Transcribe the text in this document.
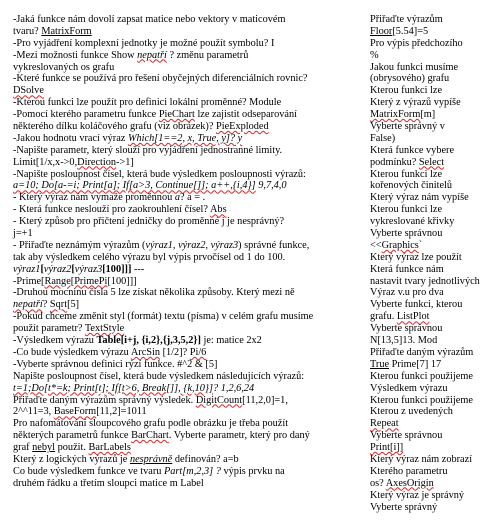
-Jaká funkce nám dovolí zapsat matice nebo vektory v maticovém
tvaru? MatrixForm
-Pro vyjádření komplexní jednotky je možné použít symbolu? I
-Mezi možnosti funkce Show nepatří ? změnu parametrů
vykreslovaných os grafu
-Které funkce se používá pro řešení obyčejných diferenciálních rovnic?
DSolve
-Kterou funkci lze použít pro definici lokální proměnné? Module
-Pomocí kterého parametru funkce PieChart lze zajistit odseparování
některého dílku koláčového grafu (viz obrázek)? PieExploded
-Jakou hodnotu vrací výraz Which[1==2, x, True, y]? y
-Napište parametr, který slouží pro vyjádření jednostranné limity.
Limit[1/x,x->0,Direction->1]
-Napište posloupnost čísel, která bude výsledkem posloupnosti výrazů:
a=10; Do[a-=i; Print[a]; If[a>3, Continue[]]; a++,{i,4}] 9,7,4,0
- Který výraz nám vymaže proměnnou a? a = .
- Která funkce neslouží pro zaokrouhlení čísel? Abs
- Který způsob pro přičtení jedničky do proměnné j je nesprávný?
j=+1
- Přiřaďte neznámým výrazům (výraz1, výraz2, výraz3) správné funkce,
tak aby výsledkem celého výrazu byl výpis prvočísel od 1 do 100.
výraz1[výraz2[výraz3[100]]] ---
-Prime[Range[PrimePi[100]]]
-Druhou mocninu čísla 5 lze získat několika způsoby. Který mezi ně
nepatří? Sqrt[5]
-Pokud chceme změnit styl (formát) textu (písma) v celém grafu musíme
použít parametr? TextStyle
-Výsledkem výrazu Table[i+j, {i,2},{j,3,5,2}] je: matice 2x2
-Co bude výsledkem výrazu ArcSin [1/2]? Pi/6
-Vyberte správnou definici rýzí funkce. #^2 & [5]
Napište posloupnost čísel, která bude výsledkem následujících výrazů:
t=1;Do[t*=k; Print[t]; If[t>6, Break[]], {k,10}]? 1,2,6,24
Přiřaďte daným výrazům správný výsledek. DigitCount[11,2,0]=1,
2^^11=3, BaseForm[11,2]=1011
Pro nafomátování sloupcového grafu podle obrázku je třeba použít
některých parametrů funkce BarChart. Vyberte parametr, který pro daný
graf nebyl použit. BarLabels
Který z logických výrazů je nesprávně definován? a=b
Co bude výsledkem funkce ve tvaru Part[m,2,3] ? výpis prvku na
druhém řádku a třetím sloupci matice m Label
Přiřaďte výrazům
Floor[5.54]=5
Pro výpis předchozího
%
Jakou funkci musíme
(obrysového) grafu
Kterou funkci lze
Který z výrazů vypíše
MatrixForm[m]
Vyberte správný v
False)
Která funkce vybere
podmínku? Select
Kterou funkci lze
kořenových činitelů
Který výraz nám vypíše
Kterou funkci lze
vykreslované křivky
Vyberte správnou
<<Graphics`
Který výraz lze použít
Která funkce nám
nastavit tvary jednotlivých
Výraz v.u pro dva
Vyberte funkci, kterou
grafu. ListPlot
Vyberte správnou
N[13,5]13. Mod
Přiřaďte daným výrazům
True Prime[7] 17
Kterou funkci použijeme
Výsledkem výrazu
Kterou funkci použijeme
Kterou z uvedených
Repeat
Vyberte správnou
Print[i]]
Který výraz nám zobrazí
Kterého parametru
os? AxesOrigin
Který výraz je správný
Vyberte správný
